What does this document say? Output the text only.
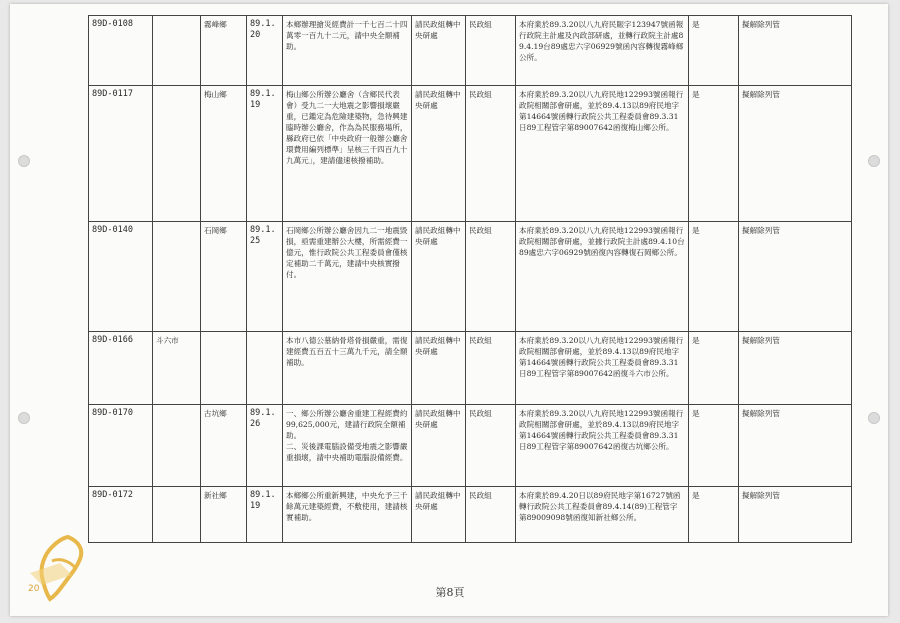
89D-0108		霧峰鄉	89.1.20	本鄉辦理搶災經費計一千七百二十四萬零一百九十二元，請中央全額補助。	請民政組轉中央研處	民政組	本府業於89.3.20以八九府民賑字123947號函報行政院主計處及內政部研處，並轉行政院主計處89.4.19台89處忠六字06929號函內容轉復霧峰鄉公所。	是	擬解除列管
89D-0117		梅山鄉	89.1.19	梅山鄉公所辦公廳舍（含鄉民代表會）受九二一大地震之影響損壞嚴重，已鑑定為危險建築物，急待興建臨時辦公廳舍，作為為民服務場所，縣政府已依「中央政府一般辦公廳舍環費用編列標準」呈核三千四百九十九萬元」，建請儘速核撥補助。	請民政組轉中央研處	民政組	本府業於89.3.20以八九府民地122993號函報行政院相關部會研處，並於89.4.13以89府民地字第14664號函轉行政院公共工程委員會89.3.31日89工程管字第89007642函復梅山鄉公所。	是	擬解除列管
89D-0140		石岡鄉	89.1.25	石岡鄉公所辦公廳舍因九二一地震毀損，亟需重建辦公大樓，所需經費一億元，惟行政院公共工程委員會僅核定補助二千萬元，建請中央核實撥付。	請民政組轉中央研處	民政組	本府業於89.3.20以八九府民地122993號函報行政院相關部會研處，並據行政院主計處89.4.10台89處忠六字06929號函復內容轉復石岡鄉公所。	是	擬解除列管
89D-0166	斗六市			本市八德公墓納骨塔骨損嚴重，需復建經費五百五十三萬九千元，請全額補助。	請民政組轉中央研處	民政組	本府業於89.3.20以八九府民地122993號函報行政院相關部會研處，並於89.4.13以89府民地字第14664號函轉行政院公共工程委員會89.3.31日89工程管字第89007642函復斗六市公所。	是	擬解除列管
89D-0170		古坑鄉	89.1.26	一、鄉公所辦公廳舍重建工程經費約99,625,000元，建請行政院全額補助。
二、災後課電腦設備受地震之影響嚴重損壞，請中央補助電腦設備經費。	請民政組轉中央研處	民政組	本府業於89.3.20以八九府民地122993號函報行政院相關部會研處，並於89.4.13以89府民地字第14664號函轉行政院公共工程委員會89.3.31日89工程管字第89007642函復古坑鄉公所。	是	擬解除列管
89D-0172		新社鄉	89.1.19	本鄉鄉公所重新興建，中央允予三千餘萬元建築經費，不敷使用，建請核實補助。	請民政組轉中央研處	民政組	本府業於89.4.20日以89府民地字第16727號函轉行政院公共工程委員會89.4.14(89)工程管字第89009098號函復知新社鄉公所。	是	擬解除列管
20	第8頁
